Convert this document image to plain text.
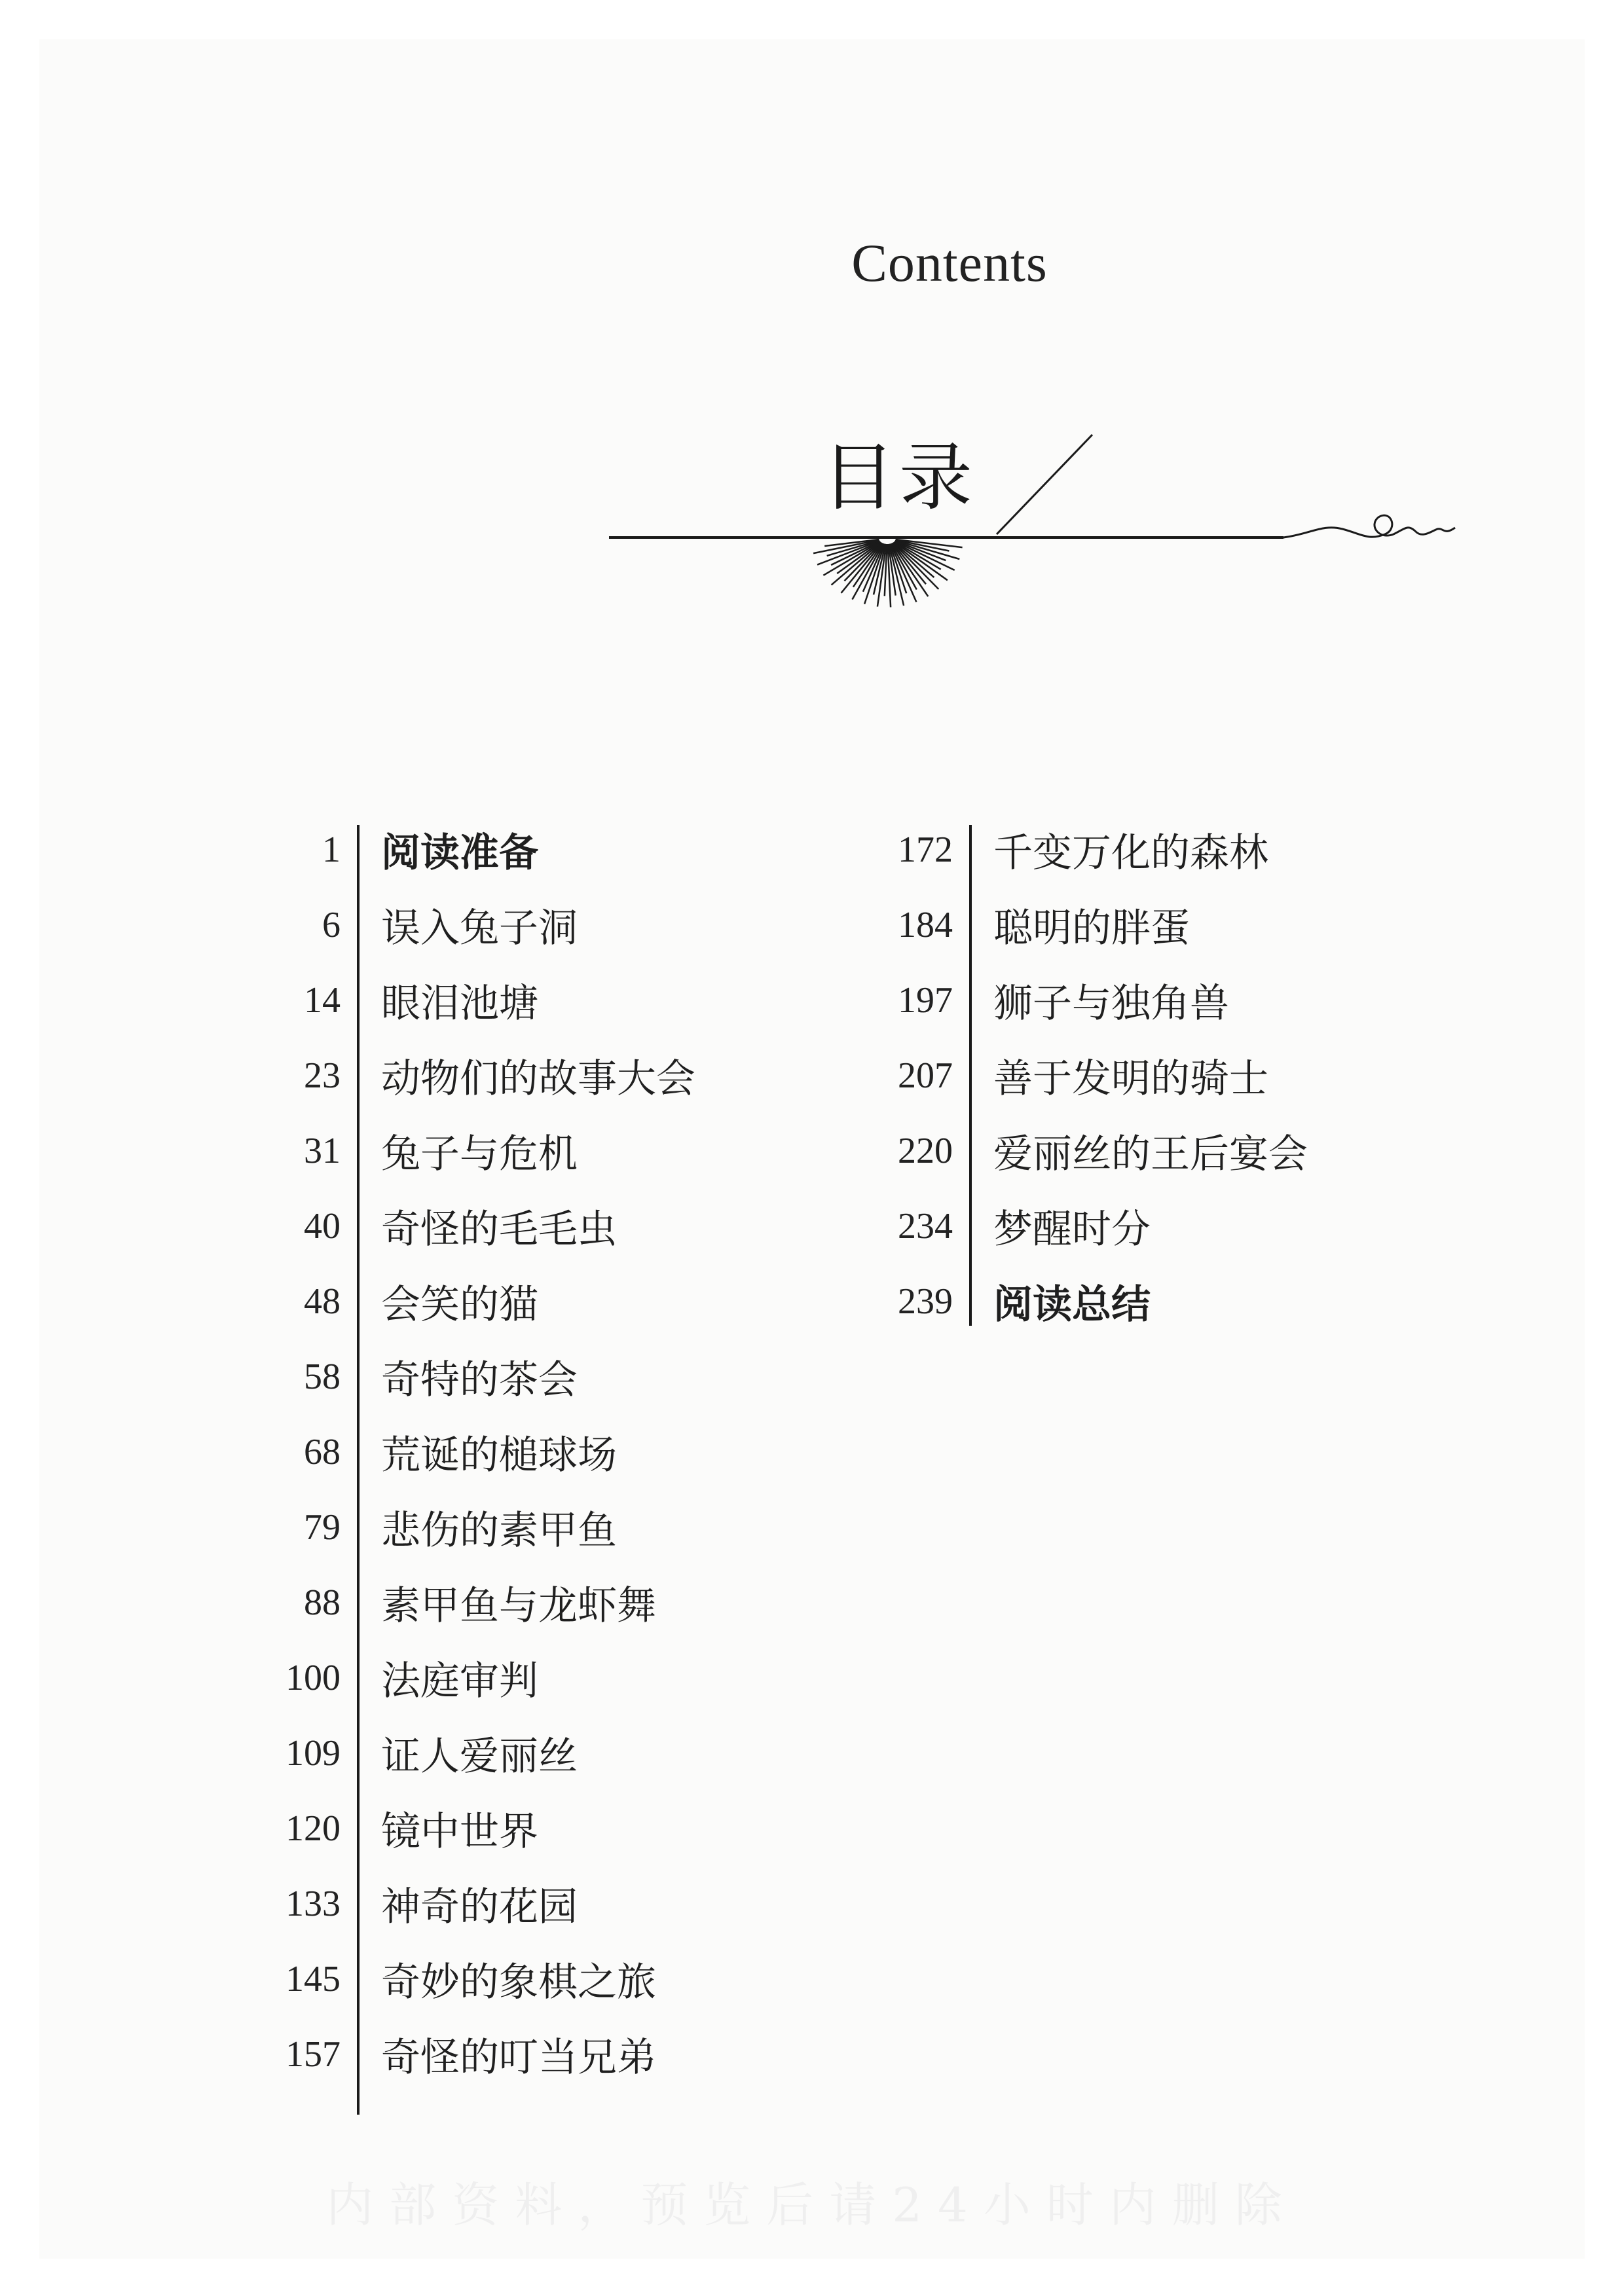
Contents
目录
1 阅读准备
6 误入兔子洞
14 眼泪池塘
23 动物们的故事大会
31 兔子与危机
40 奇怪的毛毛虫
48 会笑的猫
58 奇特的茶会
68 荒诞的槌球场
79 悲伤的素甲鱼
88 素甲鱼与龙虾舞
100 法庭审判
109 证人爱丽丝
120 镜中世界
133 神奇的花园
145 奇妙的象棋之旅
157 奇怪的叮当兄弟
172 千变万化的森林
184 聪明的胖蛋
197 狮子与独角兽
207 善于发明的骑士
220 爱丽丝的王后宴会
234 梦醒时分
239 阅读总结
内部资料，预览后请24小时内删除
